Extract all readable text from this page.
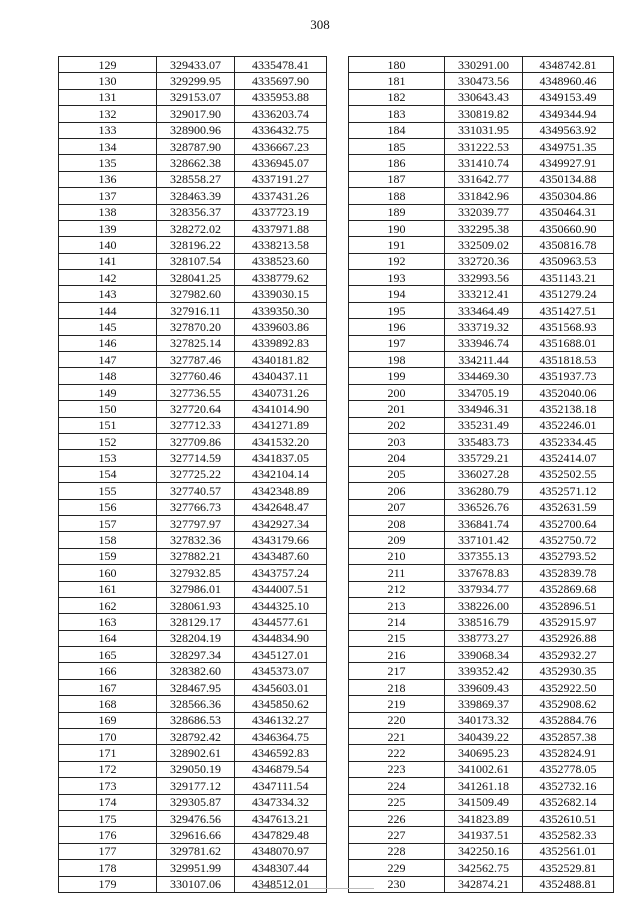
308
129	329433.07	4335478.41
130	329299.95	4335697.90
131	329153.07	4335953.88
132	329017.90	4336203.74
133	328900.96	4336432.75
134	328787.90	4336667.23
135	328662.38	4336945.07
136	328558.27	4337191.27
137	328463.39	4337431.26
138	328356.37	4337723.19
139	328272.02	4337971.88
140	328196.22	4338213.58
141	328107.54	4338523.60
142	328041.25	4338779.62
143	327982.60	4339030.15
144	327916.11	4339350.30
145	327870.20	4339603.86
146	327825.14	4339892.83
147	327787.46	4340181.82
148	327760.46	4340437.11
149	327736.55	4340731.26
150	327720.64	4341014.90
151	327712.33	4341271.89
152	327709.86	4341532.20
153	327714.59	4341837.05
154	327725.22	4342104.14
155	327740.57	4342348.89
156	327766.73	4342648.47
157	327797.97	4342927.34
158	327832.36	4343179.66
159	327882.21	4343487.60
160	327932.85	4343757.24
161	327986.01	4344007.51
162	328061.93	4344325.10
163	328129.17	4344577.61
164	328204.19	4344834.90
165	328297.34	4345127.01
166	328382.60	4345373.07
167	328467.95	4345603.01
168	328566.36	4345850.62
169	328686.53	4346132.27
170	328792.42	4346364.75
171	328902.61	4346592.83
172	329050.19	4346879.54
173	329177.12	4347111.54
174	329305.87	4347334.32
175	329476.56	4347613.21
176	329616.66	4347829.48
177	329781.62	4348070.97
178	329951.99	4348307.44
179	330107.06	4348512.01
180	330291.00	4348742.81
181	330473.56	4348960.46
182	330643.43	4349153.49
183	330819.82	4349344.94
184	331031.95	4349563.92
185	331222.53	4349751.35
186	331410.74	4349927.91
187	331642.77	4350134.88
188	331842.96	4350304.86
189	332039.77	4350464.31
190	332295.38	4350660.90
191	332509.02	4350816.78
192	332720.36	4350963.53
193	332993.56	4351143.21
194	333212.41	4351279.24
195	333464.49	4351427.51
196	333719.32	4351568.93
197	333946.74	4351688.01
198	334211.44	4351818.53
199	334469.30	4351937.73
200	334705.19	4352040.06
201	334946.31	4352138.18
202	335231.49	4352246.01
203	335483.73	4352334.45
204	335729.21	4352414.07
205	336027.28	4352502.55
206	336280.79	4352571.12
207	336526.76	4352631.59
208	336841.74	4352700.64
209	337101.42	4352750.72
210	337355.13	4352793.52
211	337678.83	4352839.78
212	337934.77	4352869.68
213	338226.00	4352896.51
214	338516.79	4352915.97
215	338773.27	4352926.88
216	339068.34	4352932.27
217	339352.42	4352930.35
218	339609.43	4352922.50
219	339869.37	4352908.62
220	340173.32	4352884.76
221	340439.22	4352857.38
222	340695.23	4352824.91
223	341002.61	4352778.05
224	341261.18	4352732.16
225	341509.49	4352682.14
226	341823.89	4352610.51
227	341937.51	4352582.33
228	342250.16	4352561.01
229	342562.75	4352529.81
230	342874.21	4352488.81
